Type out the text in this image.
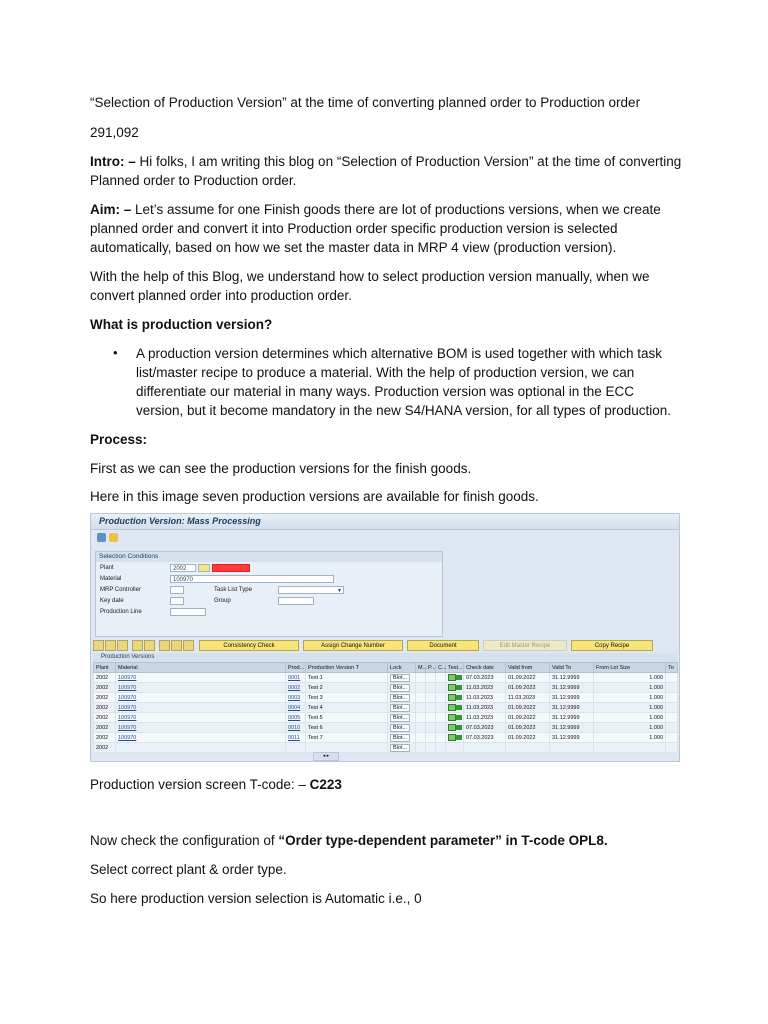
“Selection of Production Version” at the time of converting planned order to Production order

291,092

Intro: – Hi folks, I am writing this blog on “Selection of Production Version” at the time of converting Planned order to Production order.

Aim: – Let’s assume for one Finish goods there are lot of productions versions, when we create planned order and convert it into Production order specific production version is selected automatically, based on how we set the master data in MRP 4 view (production version).

With the help of this Blog, we understand how to select production version manually, when we convert planned order into production order.

What is production version?

• A production version determines which alternative BOM is used together with which task list/master recipe to produce a material. With the help of production version, we can differentiate our material in many ways. Production version was optional in the ECC version, but it become mandatory in the new S4/HANA version, for all types of production.

Process:

First as we can see the production versions for the finish goods.

Here in this image seven production versions are available for finish goods.

Production Version: Mass Processing
Selection Conditions
Plant	2002
Material	100970
MRP Controller	Task List Type	▾
Key date	Group
Production Line
Consistency Check	Assign Change Number	Document	Edit Master Recipe	Copy Recipe
Production Versions
Plant	Material	Prod...	Production Version T	Lock	M...	P...	C...	Test...	Check date	Valid from	Valid To	From Lot Size	To
2002	100970	0001	Test 1	Blot...					07.03.2023	01.09.2022	31.12.9999	1.000	
2002	100970	0002	Test 2	Blot...					11.03.2023	01.09.2022	31.12.9999	1.000	
2002	100970	0003	Test 3	Blot...					11.03.2023	11.03.2023	31.12.9999	1.000	
2002	100970	0004	Test 4	Blot...					11.03.2023	01.09.2022	31.12.9999	1.000	
2002	100970	0005	Test 5	Blot...					11.03.2023	01.09.2022	31.12.9999	1.000	
2002	100970	0010	Test 6	Blot...					07.03.2023	01.09.2022	31.12.9999	1.000	
2002	100970	0011	Test 7	Blot...					07.03.2023	01.09.2022	31.12.9999	1.000	
2002				Blot...									
◂ ▸

Production version screen T-code: – C223

Now check the configuration of “Order type-dependent parameter” in T-code OPL8.

Select correct plant & order type.

So here production version selection is Automatic i.e., 0
